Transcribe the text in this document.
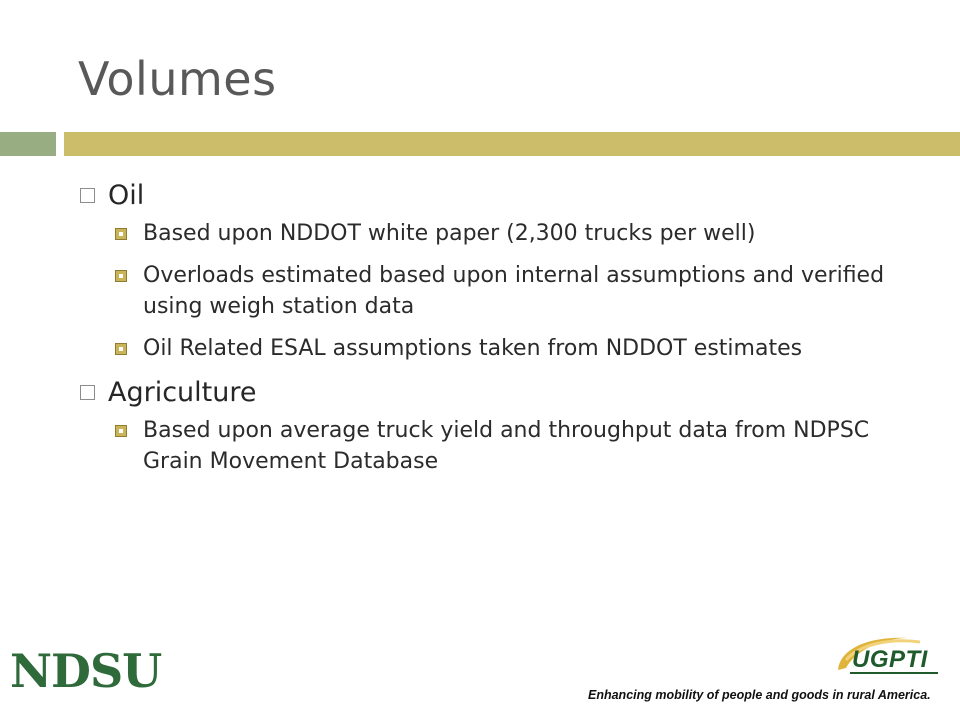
Volumes
Oil
Based upon NDDOT white paper (2,300 trucks per well)
Overloads estimated based upon internal assumptions and verified using weigh station data
Oil Related ESAL assumptions taken from NDDOT estimates
Agriculture
Based upon average truck yield and throughput data from NDPSC Grain Movement Database
NDSU	UGPTI
Enhancing mobility of people and goods in rural America.
